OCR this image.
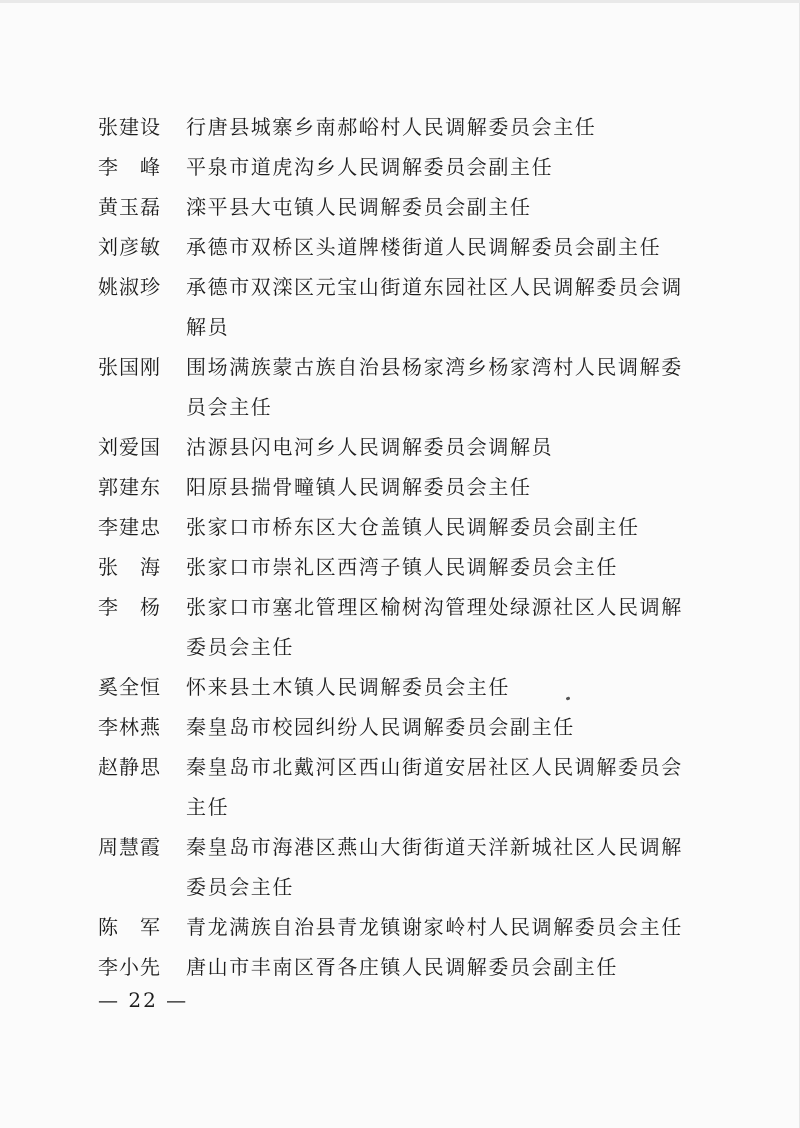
张建设	行唐县城寨乡南郝峪村人民调解委员会主任
李　峰	平泉市道虎沟乡人民调解委员会副主任
黄玉磊	滦平县大屯镇人民调解委员会副主任
刘彦敏	承德市双桥区头道牌楼街道人民调解委员会副主任
姚淑珍	承德市双滦区元宝山街道东园社区人民调解委员会调解员
张国刚	围场满族蒙古族自治县杨家湾乡杨家湾村人民调解委员会主任
刘爱国	沽源县闪电河乡人民调解委员会调解员
郭建东	阳原县揣骨疃镇人民调解委员会主任
李建忠	张家口市桥东区大仓盖镇人民调解委员会副主任
张　海	张家口市崇礼区西湾子镇人民调解委员会主任
李　杨	张家口市塞北管理区榆树沟管理处绿源社区人民调解委员会主任
奚全恒	怀来县土木镇人民调解委员会主任
李林燕	秦皇岛市校园纠纷人民调解委员会副主任
赵静思	秦皇岛市北戴河区西山街道安居社区人民调解委员会主任
周慧霞	秦皇岛市海港区燕山大街街道天洋新城社区人民调解委员会主任
陈　军	青龙满族自治县青龙镇谢家岭村人民调解委员会主任
李小先	唐山市丰南区胥各庄镇人民调解委员会副主任
— 22 —
